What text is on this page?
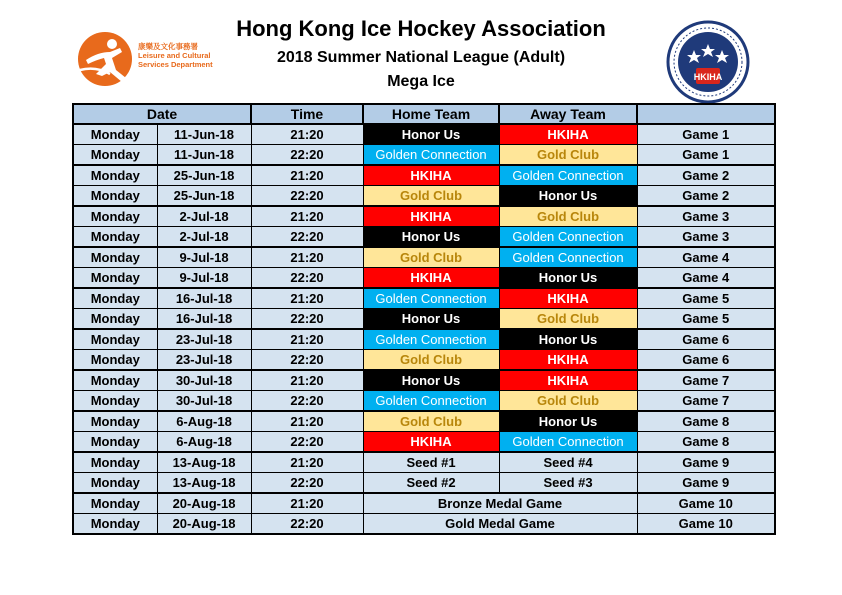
Hong Kong Ice Hockey Association
2018 Summer National League (Adult)
Mega Ice
康樂及文化事務署
Leisure and Cultural
Services Department
HKIHA
Date		Time	Home Team	Away Team	
Monday	11-Jun-18	21:20	Honor Us	HKIHA	Game 1
Monday	11-Jun-18	22:20	Golden Connection	Gold Club	Game 1
Monday	25-Jun-18	21:20	HKIHA	Golden Connection	Game 2
Monday	25-Jun-18	22:20	Gold Club	Honor Us	Game 2
Monday	2-Jul-18	21:20	HKIHA	Gold Club	Game 3
Monday	2-Jul-18	22:20	Honor Us	Golden Connection	Game 3
Monday	9-Jul-18	21:20	Gold Club	Golden Connection	Game 4
Monday	9-Jul-18	22:20	HKIHA	Honor Us	Game 4
Monday	16-Jul-18	21:20	Golden Connection	HKIHA	Game 5
Monday	16-Jul-18	22:20	Honor Us	Gold Club	Game 5
Monday	23-Jul-18	21:20	Golden Connection	Honor Us	Game 6
Monday	23-Jul-18	22:20	Gold Club	HKIHA	Game 6
Monday	30-Jul-18	21:20	Honor Us	HKIHA	Game 7
Monday	30-Jul-18	22:20	Golden Connection	Gold Club	Game 7
Monday	6-Aug-18	21:20	Gold Club	Honor Us	Game 8
Monday	6-Aug-18	22:20	HKIHA	Golden Connection	Game 8
Monday	13-Aug-18	21:20	Seed #1	Seed #4	Game 9
Monday	13-Aug-18	22:20	Seed #2	Seed #3	Game 9
Monday	20-Aug-18	21:20	Bronze Medal Game		Game 10
Monday	20-Aug-18	22:20	Gold Medal Game		Game 10
